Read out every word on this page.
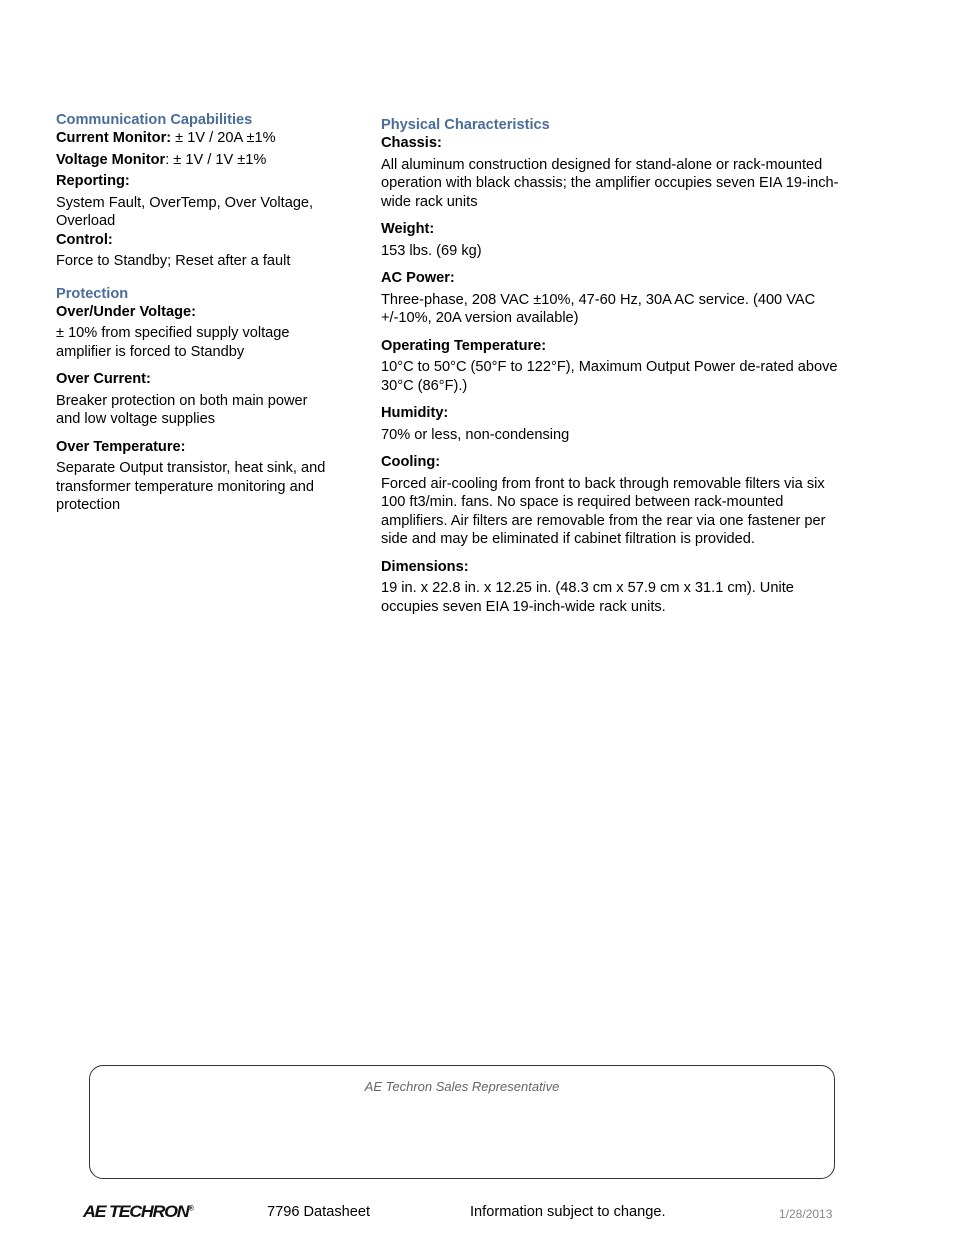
Communication Capabilities

Current Monitor: ± 1V / 20A ±1%

Voltage Monitor: ± 1V / 1V ±1%

Reporting:

System Fault, OverTemp, Over Voltage, Overload

Control:

Force to Standby; Reset after a fault

Protection

Over/Under Voltage:

± 10% from specified supply voltage amplifier is forced to Standby

Over Current:

Breaker protection on both main power and low voltage supplies

Over Temperature:

Separate Output transistor, heat sink, and transformer temperature monitoring and protection

Physical Characteristics

Chassis:

All aluminum construction designed for stand-alone or rack-mounted operation with black chassis; the amplifier occupies seven EIA 19-inch-wide rack units

Weight:

153 lbs. (69 kg)

AC Power:

Three-phase, 208 VAC ±10%, 47-60 Hz, 30A AC service. (400 VAC +/-10%, 20A version available)

Operating Temperature:

10°C to 50°C (50°F to 122°F), Maximum Output Power de-rated above 30°C (86°F).)

Humidity:

70% or less, non-condensing

Cooling:

Forced air-cooling from front to back through removable filters via six 100 ft3/min. fans. No space is required between rack-mounted amplifiers. Air filters are removable from the rear via one fastener per side and may be eliminated if cabinet filtration is provided.

Dimensions:

19 in. x 22.8 in. x 12.25 in. (48.3 cm x 57.9 cm x 31.1 cm). Unite occupies seven EIA 19-inch-wide rack units.

AE Techron Sales Representative
AE TECHRON®	7796 Datasheet	Information subject to change.	1/28/2013
